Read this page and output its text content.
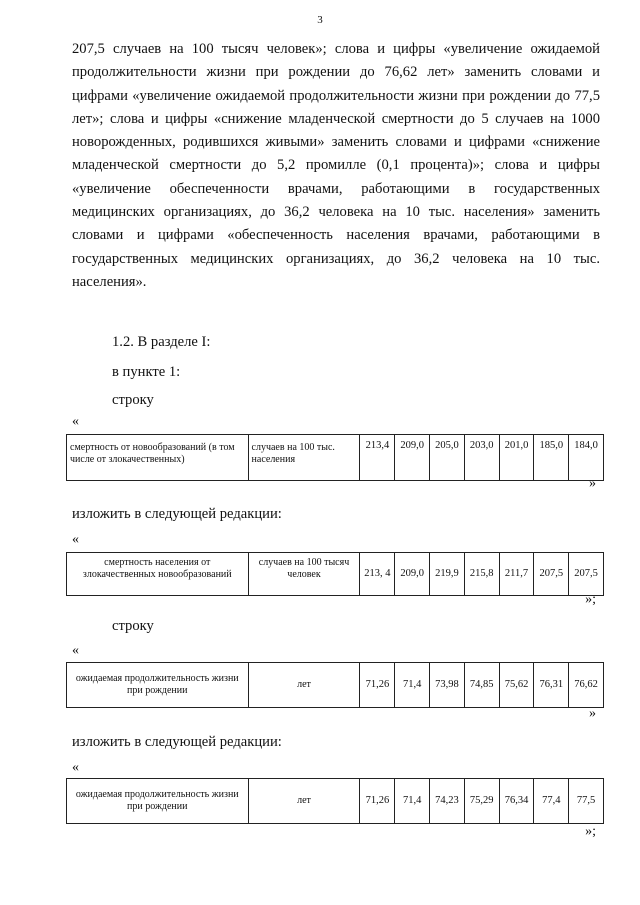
3

207,5 случаев на 100 тысяч человек»; слова и цифры «увеличение ожидаемой продолжительности жизни при рождении до 76,62 лет» заменить словами и цифрами «увеличение ожидаемой продолжительности жизни при рождении до 77,5 лет»; слова и цифры «снижение младенческой смертности до 5 случаев на 1000 новорожденных, родившихся живыми» заменить словами и цифрами «снижение младенческой смертности до 5,2 промилле (0,1 процента)»; слова и цифры «увеличение обеспеченности врачами, работающими в государственных медицинских организациях, до 36,2 человека на 10 тыс. населения» заменить словами и цифрами «обеспеченность населения врачами, работающими в государственных медицинских организациях, до 36,2 человека на 10 тыс. населения».

1.2. В разделе I:
в пункте 1:
строку
«
смертность от новообразований (в том числе от злокачественных)	случаев на 100 тыс. населения	213,4	209,0	205,0	203,0	201,0	185,0	184,0
»
изложить в следующей редакции:
«
смертность населения от злокачественных новообразований	случаев на 100 тысяч человек	213, 4	209,0	219,9	215,8	211,7	207,5	207,5
»;
строку
«
ожидаемая продолжительность жизни при рождении	лет	71,26	71,4	73,98	74,85	75,62	76,31	76,62
»
изложить в следующей редакции:
«
ожидаемая продолжительность жизни при рождении	лет	71,26	71,4	74,23	75,29	76,34	77,4	77,5
»;
